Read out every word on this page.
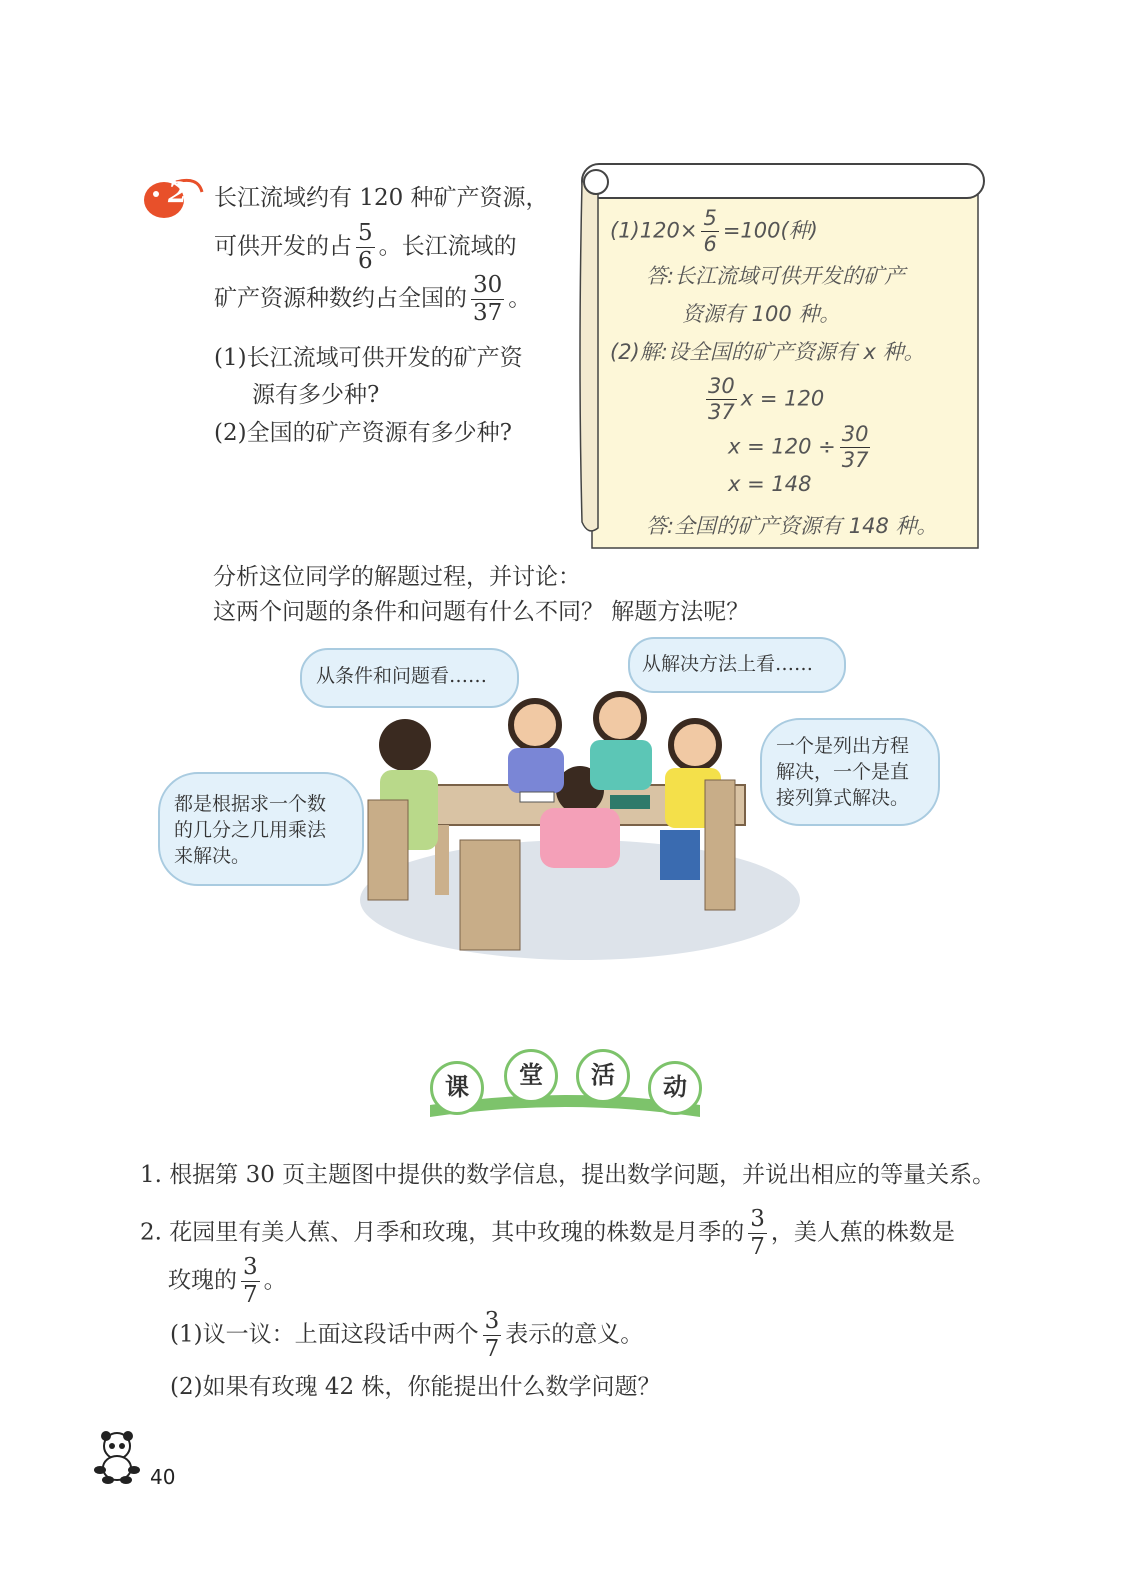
2 长江流域约有 120 种矿产资源，
可供开发的占 $\frac{5}{6}$ 。长江流域的
矿产资源种数约占全国的 $\frac{30}{37}$ 。
(1)长江流域可供开发的矿产资
源有多少种?
(2)全国的矿产资源有多少种?
$(1)120\times \frac{5}{6} =100$(种)
答:长江流域可供开发的矿产
资源有 100 种。
(2)解:设全国的矿产资源有 x 种。
$\frac{30}{37}$ x = 120
$x = 120 \div \frac{30}{37}$
x = 148
答:全国的矿产资源有 148 种。
分析这位同学的解题过程，并讨论：
这两个问题的条件和问题有什么不同？ 解题方法呢？
从条件和问题看……
从解决方法上看……
一个是列出方程
解决，一个是直
接列算式解决。
都是根据求一个数
的几分之几用乘法
来解决。
课	堂	活	动
1. 根据第 30 页主题图中提供的数学信息，提出数学问题，并说出相应的等量关系。
2. 花园里有美人蕉、月季和玫瑰，其中玫瑰的株数是月季的 $\frac{3}{7}$ ，美人蕉的株数是
玫瑰的 $\frac{3}{7}$ 。
(1)议一议：上面这段话中两个 $\frac{3}{7}$ 表示的意义。
(2)如果有玫瑰 42 株，你能提出什么数学问题？
40
